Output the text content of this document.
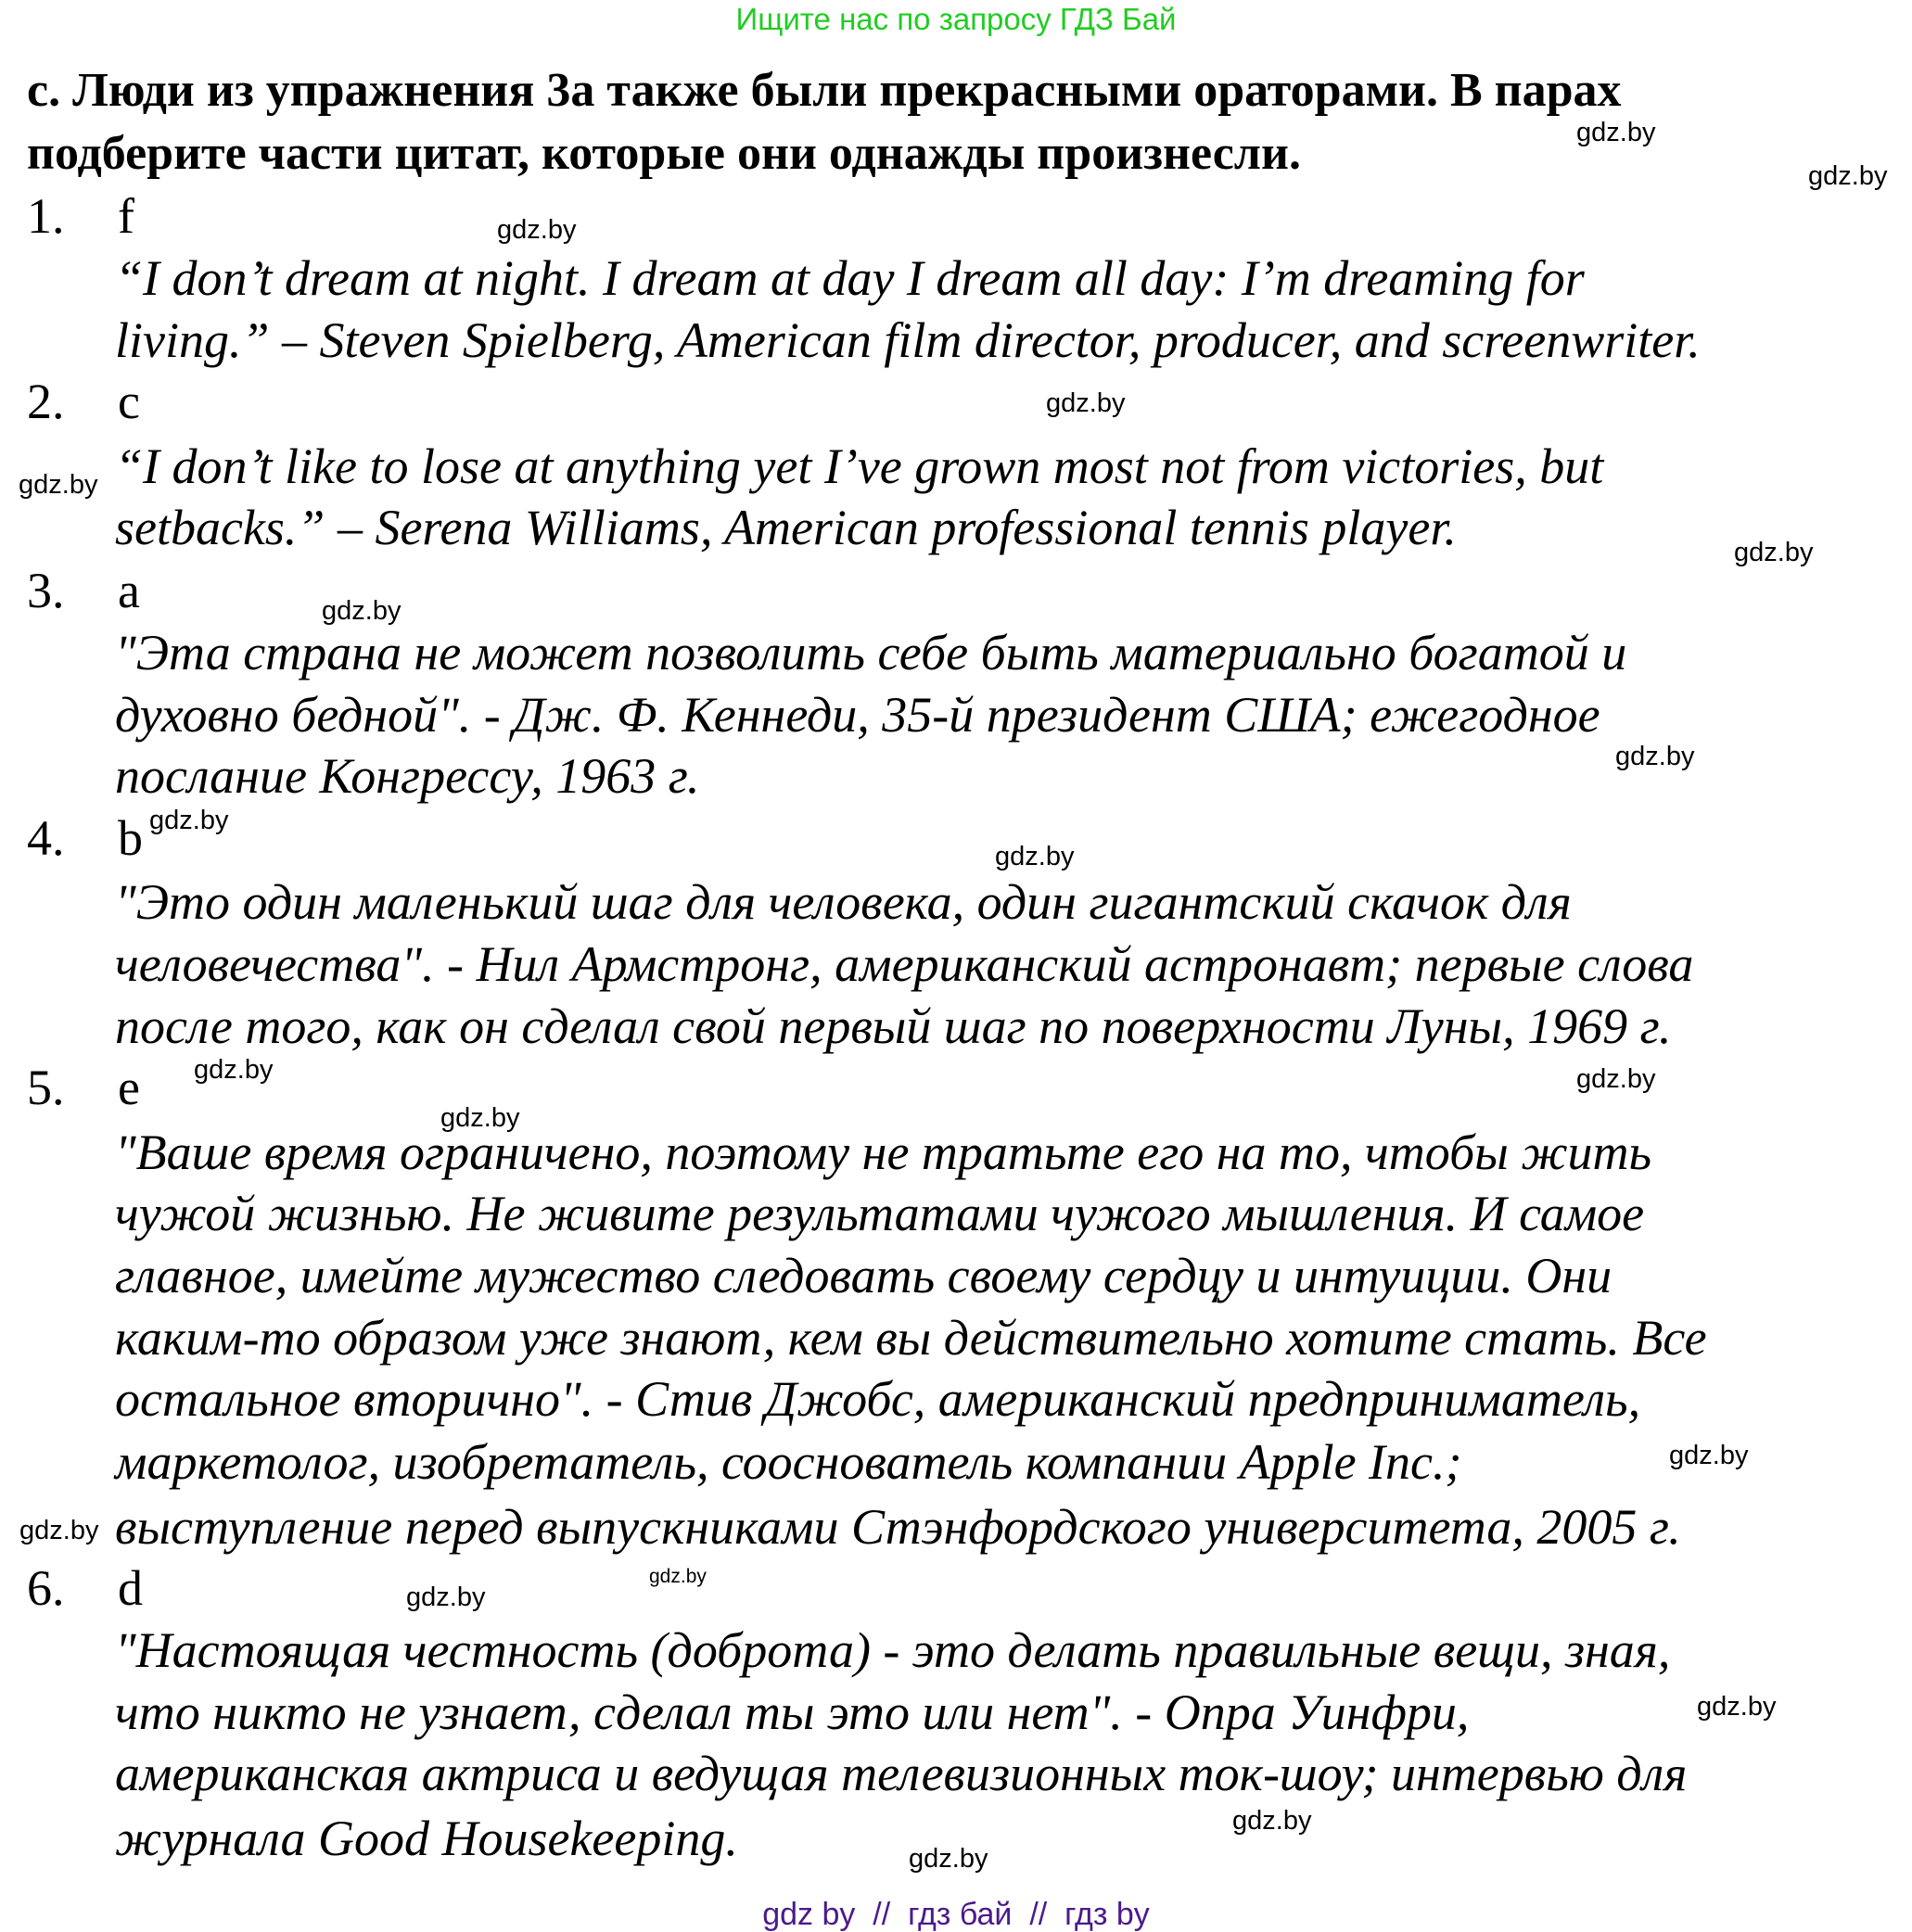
Ищите нас по запросу ГДЗ Бай
c. Люди из упражнения 3a также были прекрасными ораторами. В парах
подберите части цитат, которые они однажды произнесли.
1. f
“I don’t dream at night. I dream at day I dream all day: I’m dreaming for
living.” – Steven Spielberg, American film director, producer, and screenwriter.
2. c
“I don’t like to lose at anything yet I’ve grown most not from victories, but
setbacks.” – Serena Williams, American professional tennis player.
3. a
"Эта страна не может позволить себе быть материально богатой и
духовно бедной". - Дж. Ф. Кеннеди, 35-й президент США; ежегодное
послание Конгрессу, 1963 г.
4. b
"Это один маленький шаг для человека, один гигантский скачок для
человечества". - Нил Армстронг, американский астронавт; первые слова
после того, как он сделал свой первый шаг по поверхности Луны, 1969 г.
5. e
"Ваше время ограничено, поэтому не тратьте его на то, чтобы жить
чужой жизнью. Не живите результатами чужого мышления. И самое
главное, имейте мужество следовать своему сердцу и интуиции. Они
каким-то образом уже знают, кем вы действительно хотите стать. Все
остальное вторично". - Стив Джобс, американский предприниматель,
маркетолог, изобретатель, сооснователь компании Apple Inc.;
выступление перед выпускниками Стэнфордского университета, 2005 г.
6. d
"Настоящая честность (доброта) - это делать правильные вещи, зная,
что никто не узнает, сделал ты это или нет". - Опра Уинфри,
американская актриса и ведущая телевизионных ток-шоу; интервью для
журнала Good Housekeeping.
gdz.by
gdz.by
gdz.by
gdz.by
gdz.by
gdz.by
gdz.by
gdz.by
gdz.by
gdz.by
gdz.by
gdz.by
gdz.by
gdz.by
gdz.by
gdz.by
gdz.by
gdz.by
gdz.by
gdz.by
gdz by  //  гдз бай  //  гдз by
